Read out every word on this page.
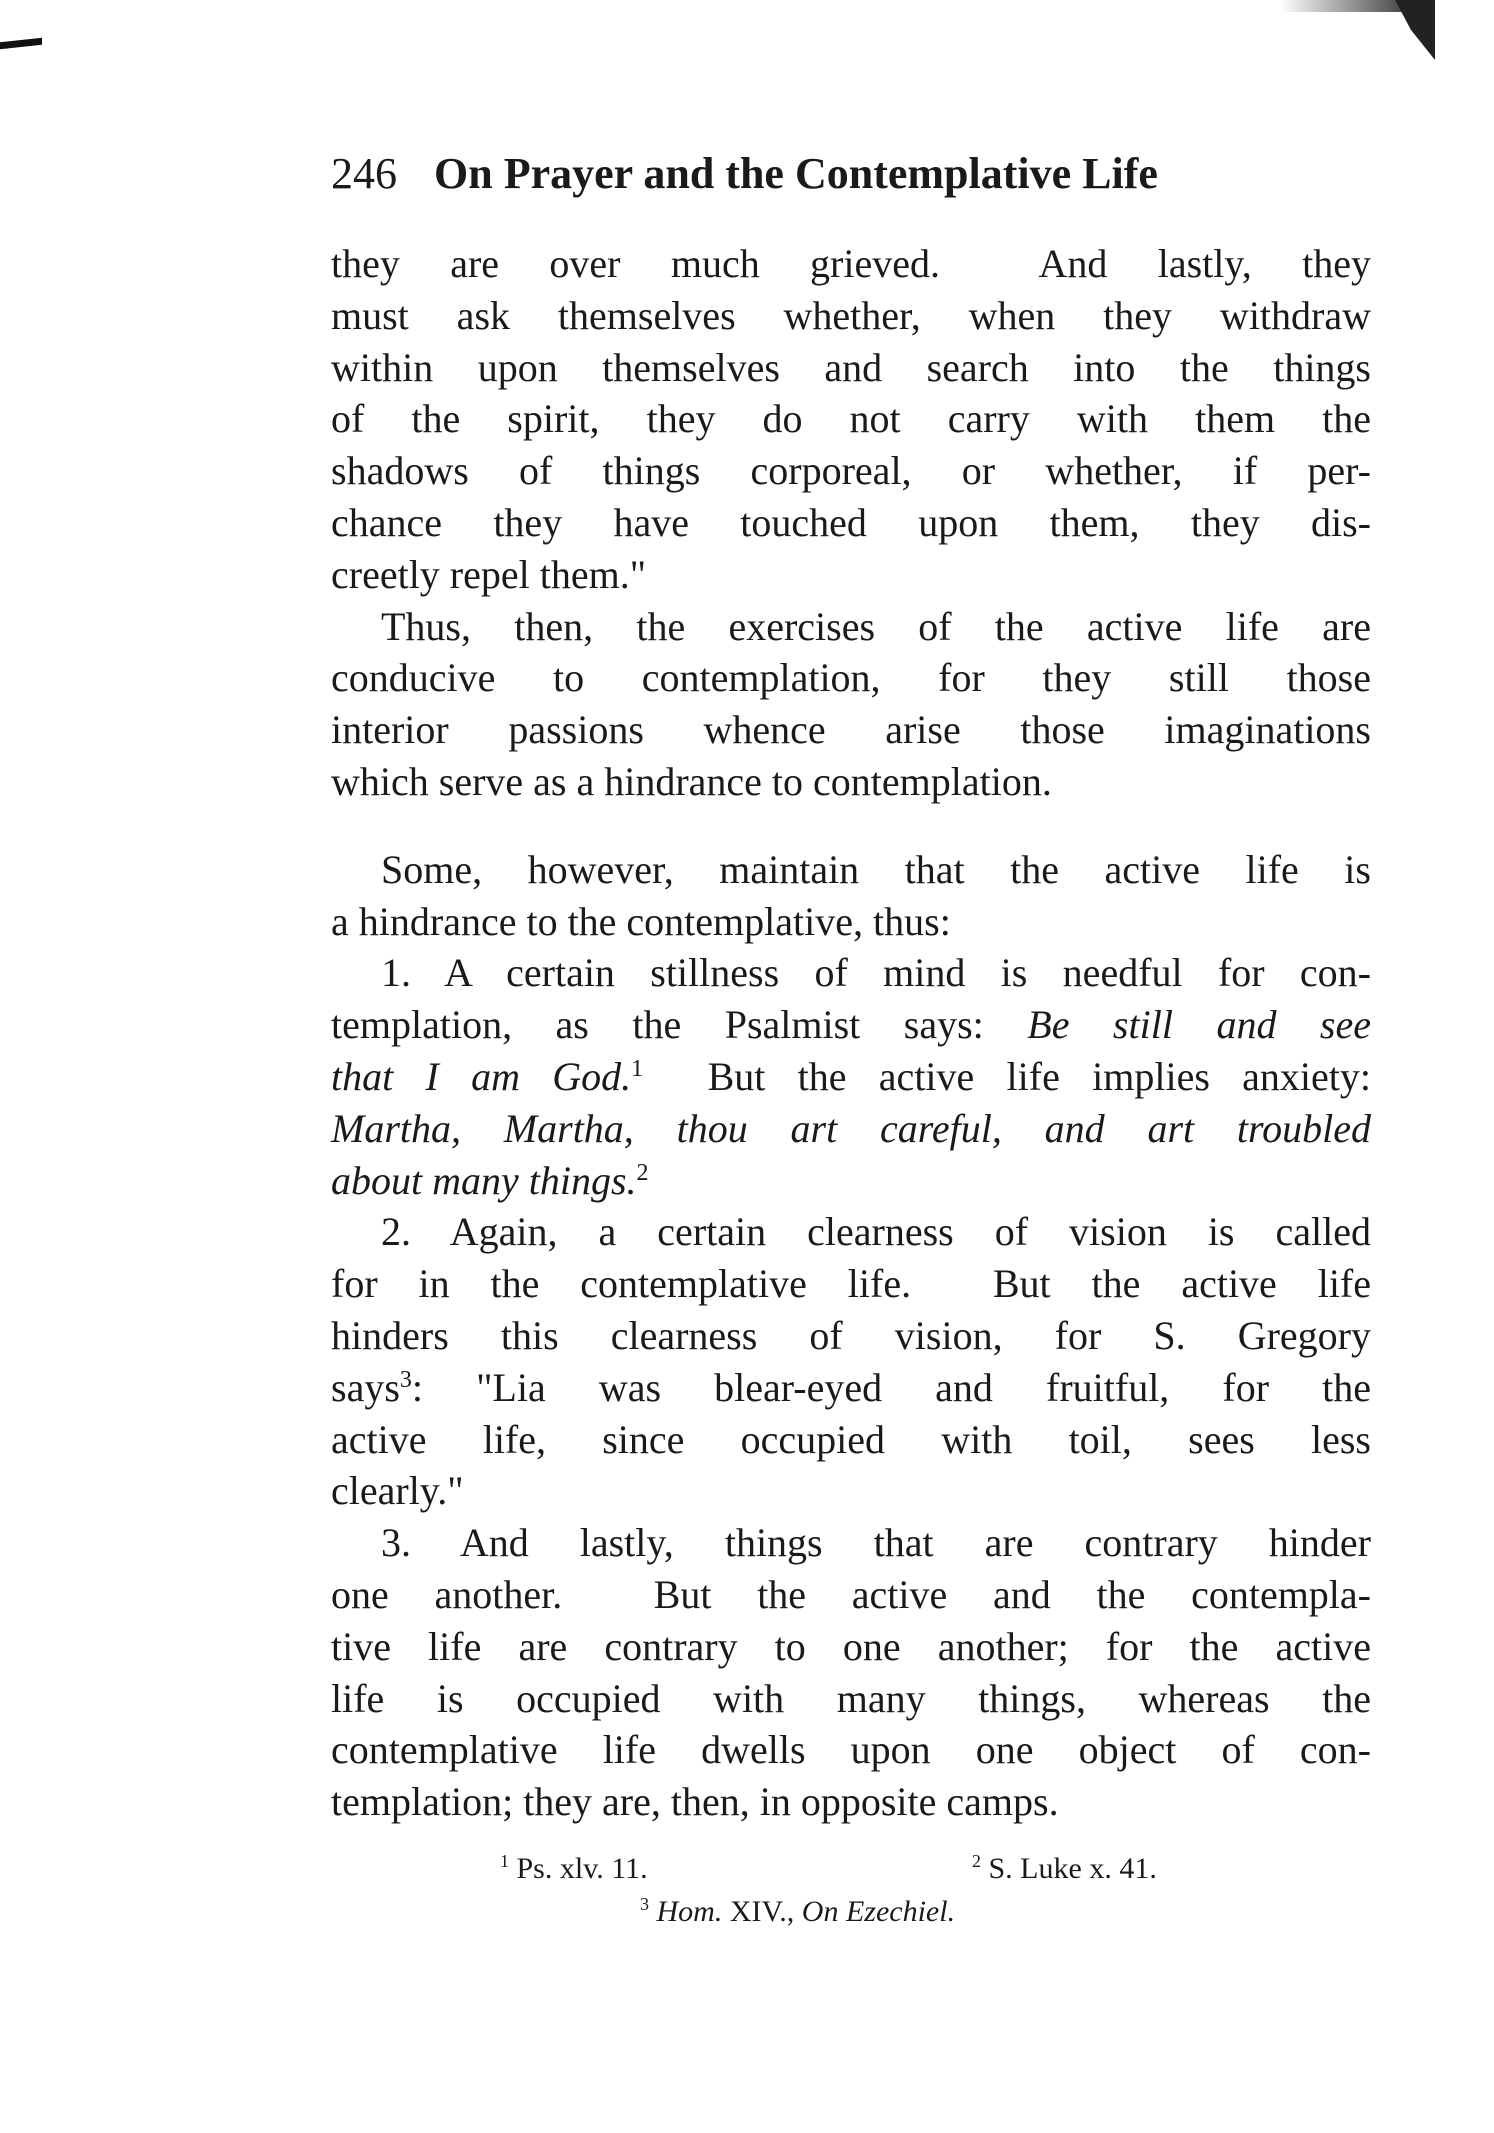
246 On Prayer and the Contemplative Life
they are over much grieved.  And lastly, they
must ask themselves whether, when they withdraw
within upon themselves and search into the things
of the spirit, they do not carry with them the
shadows of things corporeal, or whether, if per-
chance they have touched upon them, they dis-
creetly repel them."
Thus, then, the exercises of the active life are
conducive to contemplation, for they still those
interior passions whence arise those imaginations
which serve as a hindrance to contemplation.
Some, however, maintain that the active life is
a hindrance to the contemplative, thus:
1. A certain stillness of mind is needful for con-
templation, as the Psalmist says: Be still and see
that I am God.$^1$  But the active life implies anxiety:
Martha, Martha, thou art careful, and art troubled
about many things.$^2$
2. Again, a certain clearness of vision is called
for in the contemplative life.  But the active life
hinders this clearness of vision, for S. Gregory
says$^3$: "Lia was blear-eyed and fruitful, for the
active life, since occupied with toil, sees less
clearly."
3. And lastly, things that are contrary hinder
one another.  But the active and the contempla-
tive life are contrary to one another; for the active
life is occupied with many things, whereas the
contemplative life dwells upon one object of con-
templation; they are, then, in opposite camps.
$^1$ Ps. xlv. 11.	$^2$ S. Luke x. 41.
$^3$ Hom. XIV., On Ezechiel.
